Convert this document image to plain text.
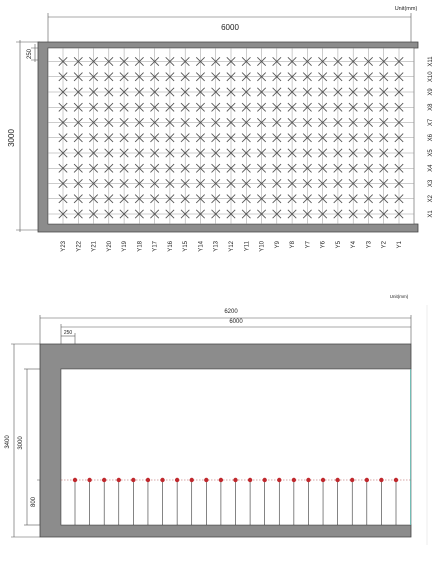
Unit(mm)
6000
3000
250
X1
X2
X3
X4
X5
X6
X7
X8
X9
X10
X11
Y23 Y22 Y21 Y20 Y19 Y18 Y17 Y16 Y15 Y14 Y13 Y12 Y11 Y10 Y9 Y8 Y7 Y6 Y5 Y4 Y3 Y2 Y1
Unit(mm)
6200
6000
250
3400 3000
800
